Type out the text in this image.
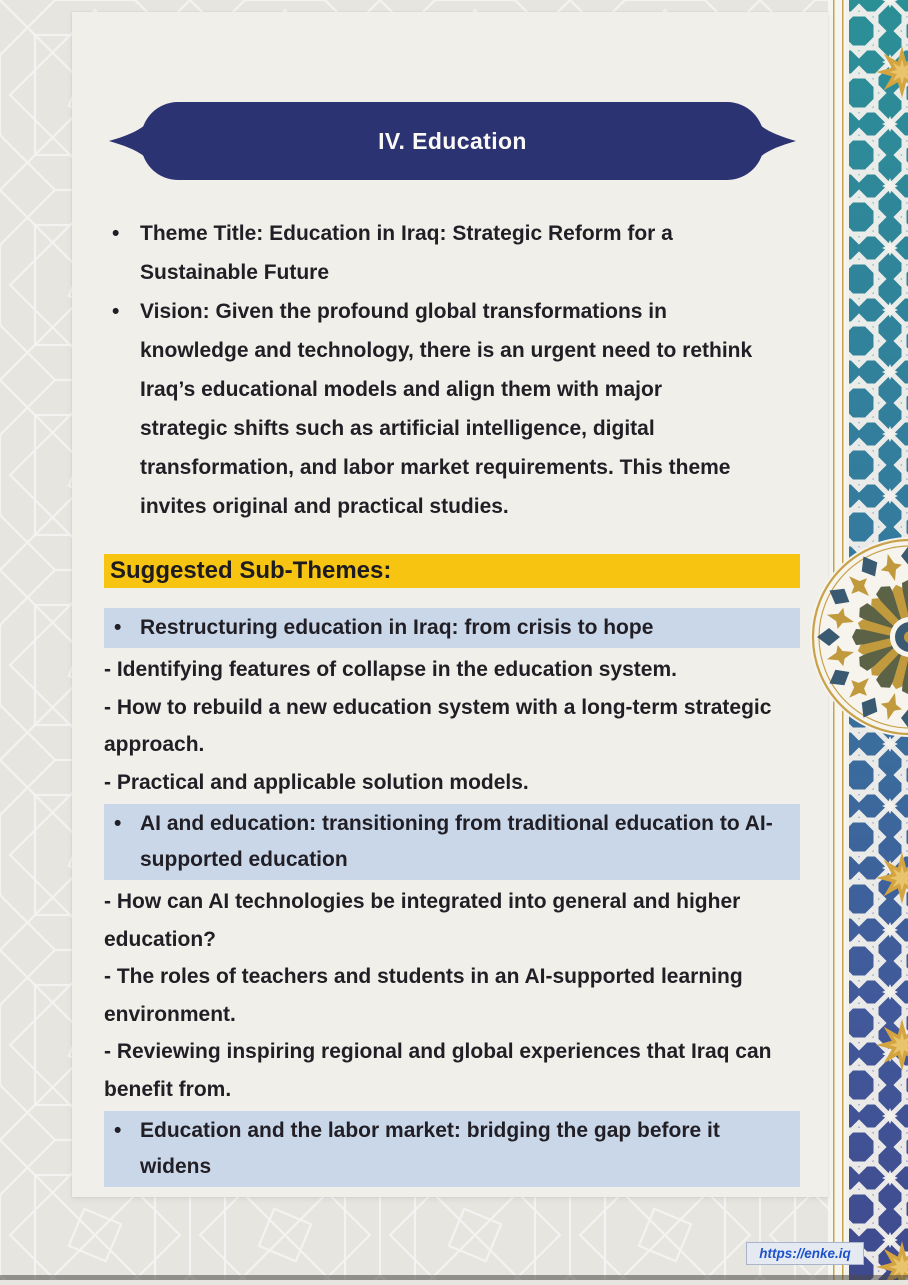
IV. Education
• Theme Title: Education in Iraq: Strategic Reform for a Sustainable Future
• Vision: Given the profound global transformations in knowledge and technology, there is an urgent need to rethink Iraq’s educational models and align them with major strategic shifts such as artificial intelligence, digital transformation, and labor market requirements. This theme invites original and practical studies.
Suggested Sub-Themes:
• Restructuring education in Iraq: from crisis to hope
- Identifying features of collapse in the education system.
- How to rebuild a new education system with a long-term strategic approach.
- Practical and applicable solution models.
• AI and education: transitioning from traditional education to AI-supported education
- How can AI technologies be integrated into general and higher education?
- The roles of teachers and students in an AI-supported learning environment.
- Reviewing inspiring regional and global experiences that Iraq can benefit from.
• Education and the labor market: bridging the gap before it widens
https://enke.iq
